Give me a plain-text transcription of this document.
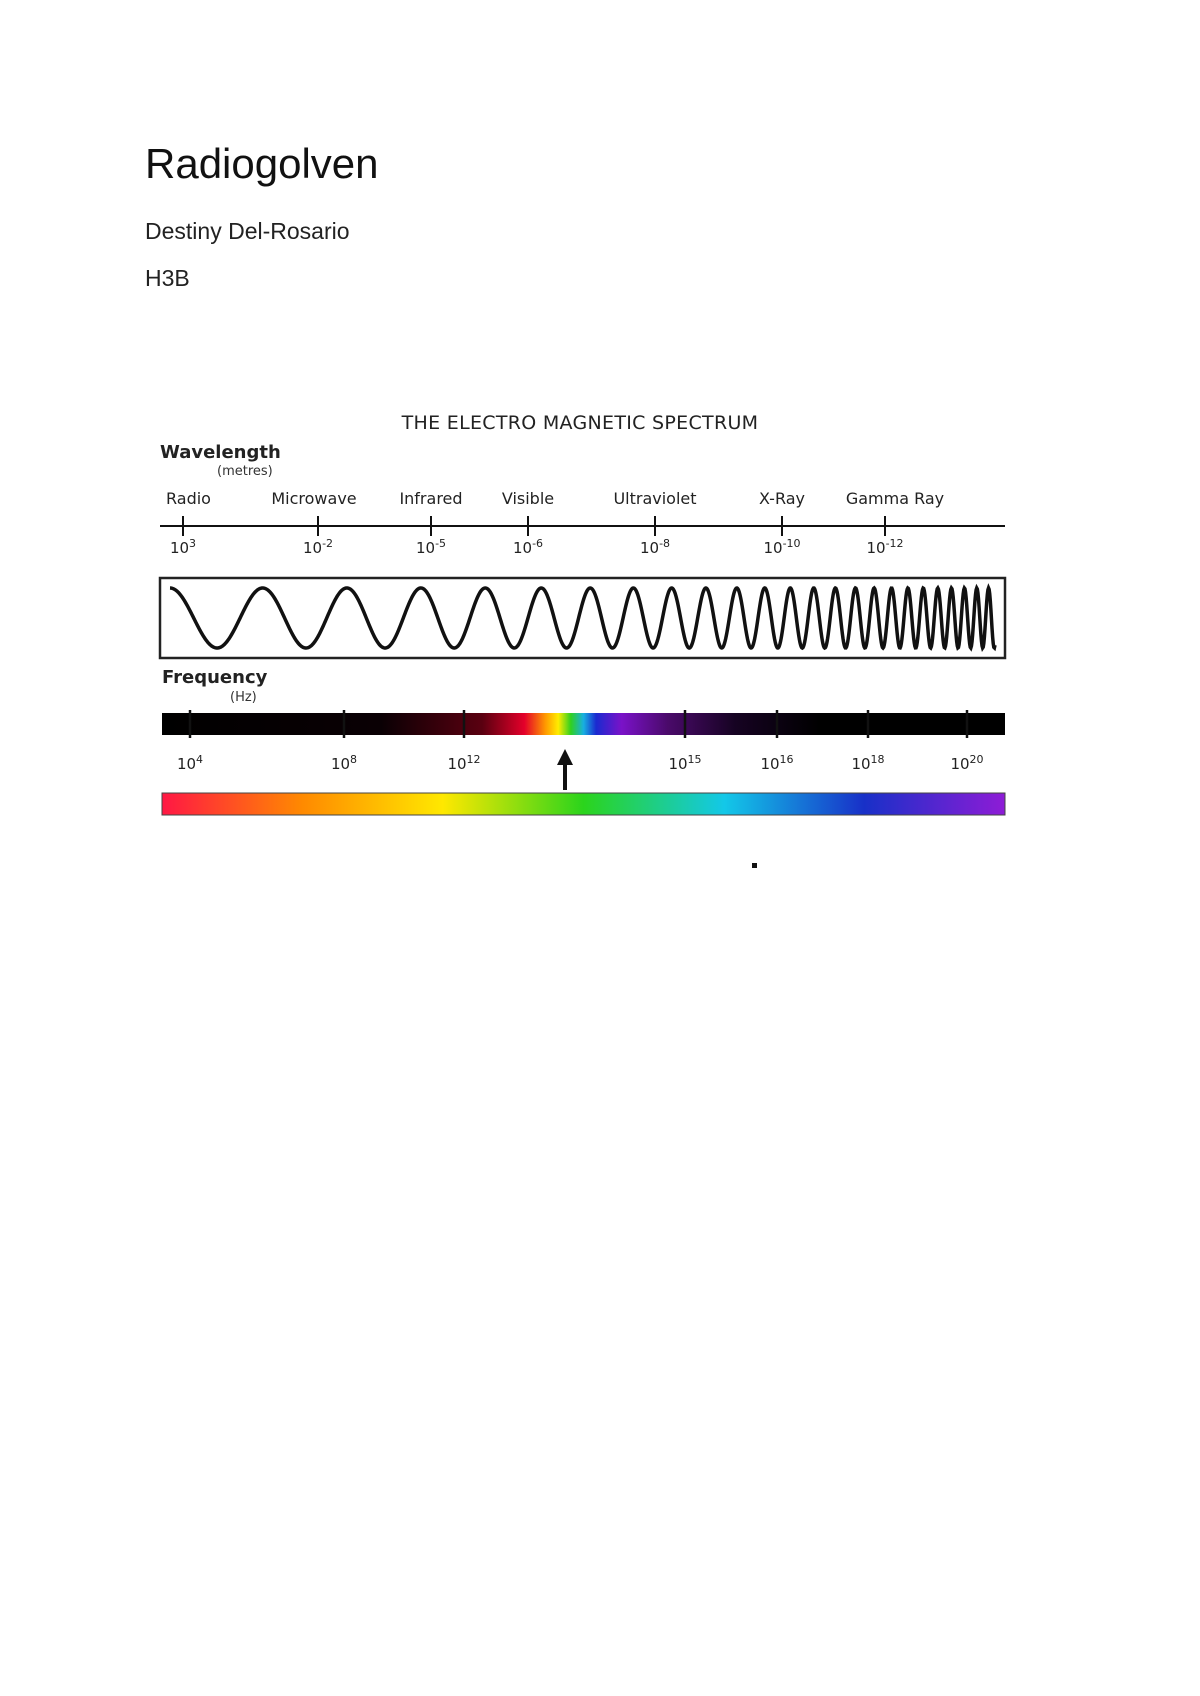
Radiogolven
Destiny Del-Rosario
H3B
THE ELECTRO MAGNETIC SPECTRUM
Wavelength
(metres)
Radio
$10^3$
Microwave
$10^{-2}$
Infrared
$10^{-5}$
Visible
$10^{-6}$
Ultraviolet
$10^{-8}$
X-Ray
$10^{-10}$
Gamma Ray
$10^{-12}$
Frequency
(Hz)
$10^4$	$10^8$	$10^{12}$	$10^{15}$	$10^{16}$	$10^{18}$	$10^{20}$
